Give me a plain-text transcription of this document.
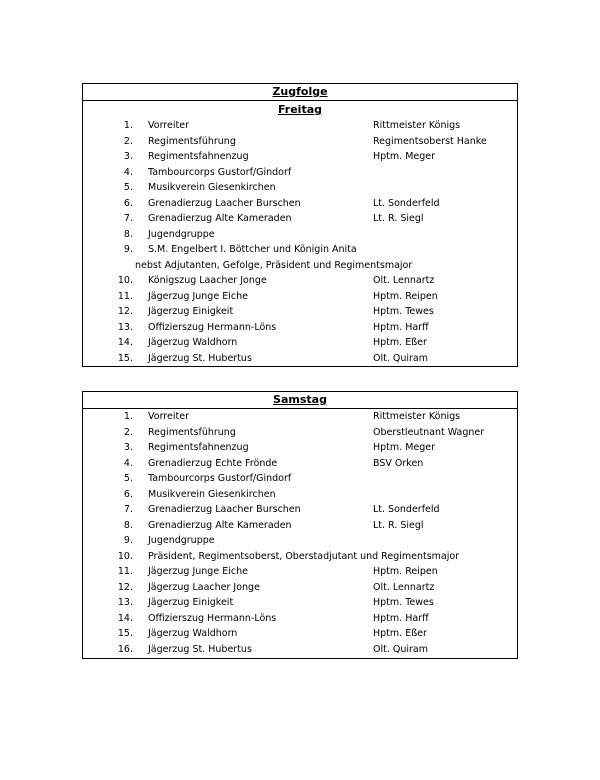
Zugfolge
Freitag
1. Vorreiter	Rittmeister Königs
2. Regimentsführung	Regimentsoberst Hanke
3. Regimentsfahnenzug	Hptm. Meger
4. Tambourcorps Gustorf/Gindorf
5. Musikverein Giesenkirchen
6. Grenadierzug Laacher Burschen	Lt. Sonderfeld
7. Grenadierzug Alte Kameraden	Lt. R. Siegl
8. Jugendgruppe
9. S.M. Engelbert I. Böttcher und Königin Anita
nebst Adjutanten, Gefolge, Präsident und Regimentsmajor
10. Königszug Laacher Jonge	Olt. Lennartz
11. Jägerzug Junge Eiche	Hptm. Reipen
12. Jägerzug Einigkeit	Hptm. Tewes
13. Offizierszug Hermann-Löns	Hptm. Harff
14. Jägerzug Waldhorn	Hptm. Eßer
15. Jägerzug St. Hubertus	Olt. Quiram
Samstag
1. Vorreiter	Rittmeister Königs
2. Regimentsführung	Oberstleutnant Wagner
3. Regimentsfahnenzug	Hptm. Meger
4. Grenadierzug Echte Frönde	BSV Orken
5. Tambourcorps Gustorf/Gindorf
6. Musikverein Giesenkirchen
7. Grenadierzug Laacher Burschen	Lt. Sonderfeld
8. Grenadierzug Alte Kameraden	Lt. R. Siegl
9. Jugendgruppe
10. Präsident, Regimentsoberst, Oberstadjutant und Regimentsmajor
11. Jägerzug Junge Eiche	Hptm. Reipen
12. Jägerzug Laacher Jonge	Olt. Lennartz
13. Jägerzug Einigkeit	Hptm. Tewes
14. Offizierszug Hermann-Löns	Hptm. Harff
15. Jägerzug Waldhorn	Hptm. Eßer
16. Jägerzug St. Hubertus	Olt. Quiram
